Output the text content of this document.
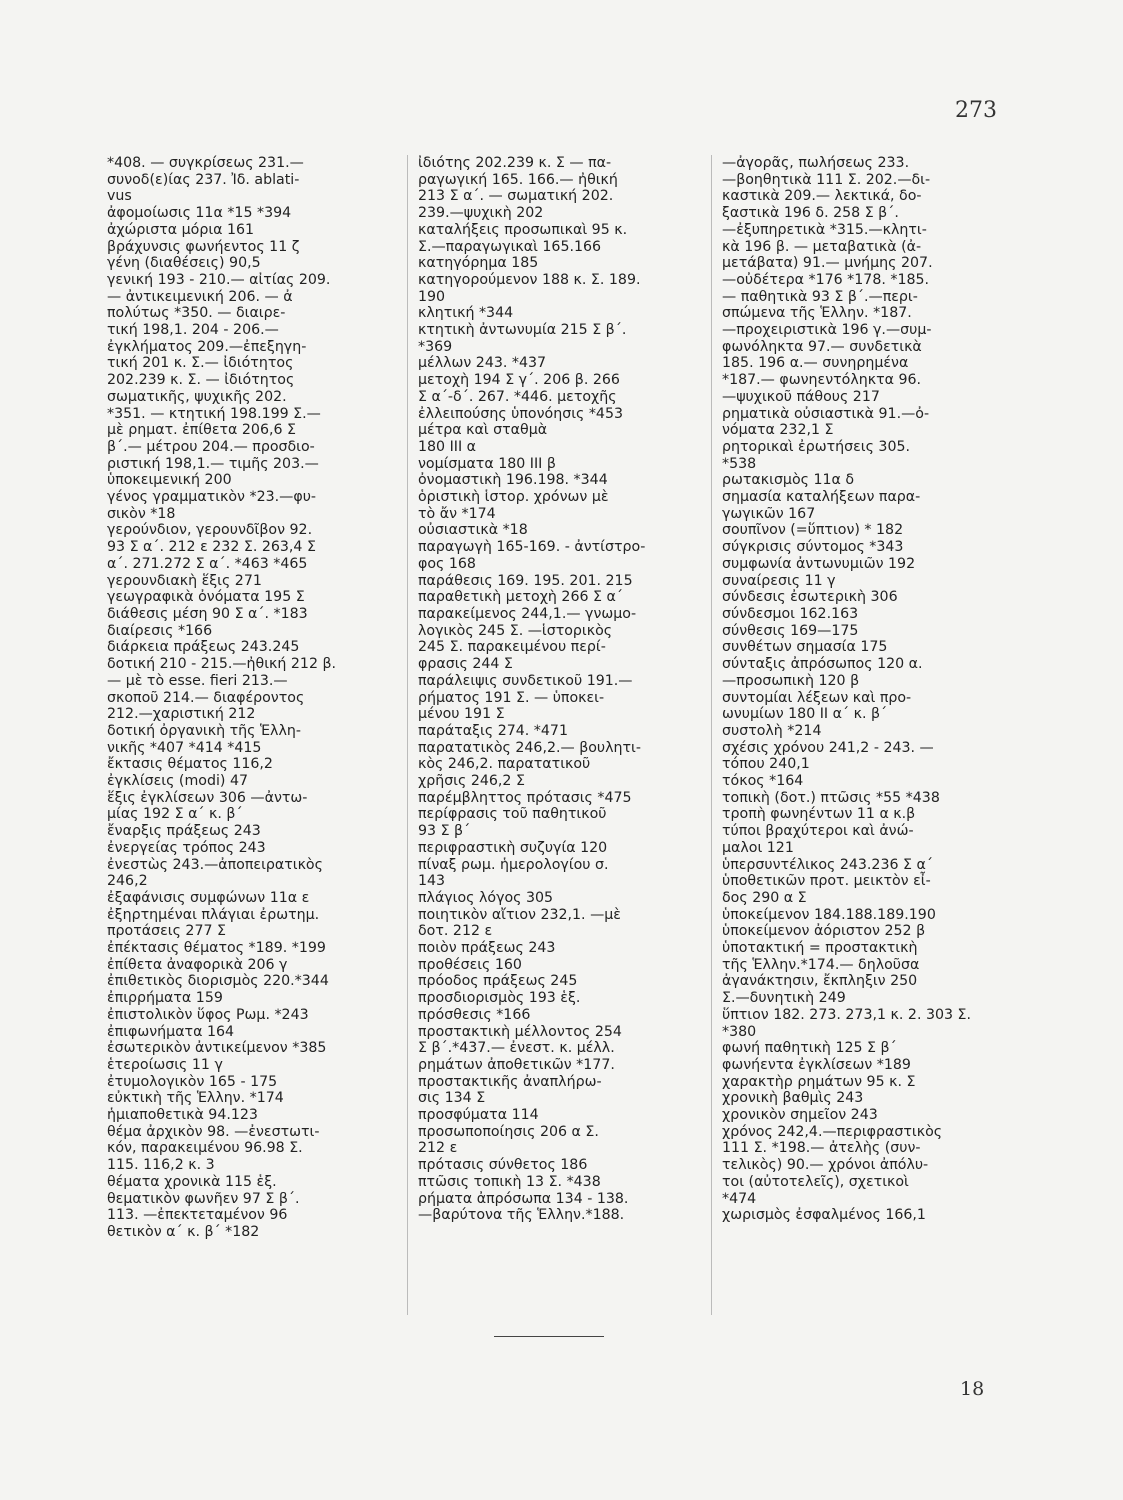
273
*408. — συγκρίσεως 231.—
συνοδ(ε)ίας 237. Ἰδ. ablati-
vus
ἀφομοίωσις 11α *15 *394
ἀχώριστα μόρια 161
βράχυνσις φωνήεντος 11 ζ
γένη (διαθέσεις) 90,5
γενική 193 - 210.— αἰτίας 209.
— ἀντικειμενική 206. — ἀ
πολύτως *350. — διαιρε-
τική 198,1. 204 - 206.—
ἐγκλήματος 209.—ἐπεξηγη-
τική 201 κ. Σ.— ἰδιότητος
202.239 κ. Σ. — ἰδιότητος
σωματικῆς, ψυχικῆς 202.
*351. — κτητική 198.199 Σ.—
μὲ ρηματ. ἐπίθετα 206,6 Σ
β΄.— μέτρου 204.— προσδιο-
ριστική 198,1.— τιμῆς 203.—
ὑποκειμενική 200
γένος γραμματικὸν *23.—φυ-
σικὸν *18
γερούνδιον, γερουνδῖβον 92.
93 Σ α΄. 212 ε 232 Σ. 263,4 Σ
α΄. 271.272 Σ α΄. *463 *465
γερουνδιακὴ ἕξις 271
γεωγραφικὰ ὀνόματα 195 Σ
διάθεσις μέση 90 Σ α΄. *183
διαίρεσις *166
διάρκεια πράξεως 243.245
δοτική 210 - 215.—ἠθική 212 β.
— μὲ τὸ esse. fieri 213.—
σκοποῦ 214.— διαφέροντος
212.—χαριστική 212
δοτική ὀργανικὴ τῆς Ἑλλη-
νικῆς *407 *414 *415
ἔκτασις θέματος 116,2
ἐγκλίσεις (modi) 47
ἕξις ἐγκλίσεων 306 —ἀντω-
μίας 192 Σ α΄ κ. β΄
ἔναρξις πράξεως 243
ἐνεργείας τρόπος 243
ἐνεστὼς 243.—ἀποπειρατικὸς
246,2
ἐξαφάνισις συμφώνων 11α ε
ἐξηρτημέναι πλάγιαι ἐρωτημ.
προτάσεις 277 Σ
ἐπέκτασις θέματος *189. *199
ἐπίθετα ἀναφορικὰ 206 γ
ἐπιθετικὸς διορισμὸς 220.*344
ἐπιρρήματα 159
ἐπιστολικὸν ὕφος Ρωμ. *243
ἐπιφωνήματα 164
ἐσωτερικὸν ἀντικείμενον *385
ἑτεροίωσις 11 γ
ἐτυμολογικὸν 165 - 175
εὐκτικὴ τῆς Ἑλλην. *174
ἡμιαποθετικὰ 94.123
θέμα ἀρχικὸν 98. —ἐνεστωτι-
κόν, παρακειμένου 96.98 Σ.
115. 116,2 κ. 3
θέματα χρονικὰ 115 ἑξ.
θεματικὸν φωνῆεν 97 Σ β΄.
113. —ἐπεκτεταμένον 96
θετικὸν α΄ κ. β΄ *182
ἰδιότης 202.239 κ. Σ — πα-
ραγωγική 165. 166.— ἠθική
213 Σ α΄. — σωματική 202.
239.—ψυχικὴ 202
καταλήξεις προσωπικαὶ 95 κ.
Σ.—παραγωγικαὶ 165.166
κατηγόρημα 185
κατηγορούμενον 188 κ. Σ. 189.
190
κλητική *344
κτητικὴ ἀντωνυμία 215 Σ β΄.
*369
μέλλων 243. *437
μετοχὴ 194 Σ γ΄. 206 β. 266
Σ α΄-δ΄. 267. *446. μετοχῆς
ἐλλειπούσης ὑπονόησις *453
μέτρα καὶ σταθμὰ
180 III α
νομίσματα 180 III β
ὀνομαστικὴ 196.198. *344
ὁριστικὴ ἱστορ. χρόνων μὲ
τὸ ἄν *174
οὐσιαστικὰ *18
παραγωγὴ 165-169. - ἀντίστρο-
φος 168
παράθεσις 169. 195. 201. 215
παραθετικὴ μετοχὴ 266 Σ α΄
παρακείμενος 244,1.— γνωμο-
λογικὸς 245 Σ. —ἱστορικὸς
245 Σ. παρακειμένου περί-
φρασις 244 Σ
παράλειψις συνδετικοῦ 191.—
ρήματος 191 Σ. — ὑποκει-
μένου 191 Σ
παράταξις 274. *471
παρατατικὸς 246,2.— βουλητι-
κὸς 246,2. παρατατικοῦ
χρῆσις 246,2 Σ
παρέμβληττος πρότασις *475
περίφρασις τοῦ παθητικοῦ
93 Σ β΄
περιφραστικὴ συζυγία 120
πίναξ ρωμ. ἡμερολογίου σ.
143
πλάγιος λόγος 305
ποιητικὸν αἴτιον 232,1. —μὲ
δοτ. 212 ε
ποιὸν πράξεως 243
προθέσεις 160
πρόοδος πράξεως 245
προσδιορισμὸς 193 ἑξ.
πρόσθεσις *166
προστακτικὴ μέλλοντος 254
Σ β΄.*437.— ἐνεστ. κ. μέλλ.
ρημάτων ἀποθετικῶν *177.
προστακτικῆς ἀναπλήρω-
σις 134 Σ
προσφύματα 114
προσωποποίησις 206 α Σ.
212 ε
πρότασις σύνθετος 186
πτῶσις τοπικὴ 13 Σ. *438
ρήματα ἀπρόσωπα 134 - 138.
—βαρύτονα τῆς Ἑλλην.*188.
—ἀγορᾶς, πωλήσεως 233.
—βοηθητικὰ 111 Σ. 202.—δι-
καστικὰ 209.— λεκτικά, δο-
ξαστικὰ 196 δ. 258 Σ β΄.
—ἐξυπηρετικὰ *315.—κλητι-
κὰ 196 β. — μεταβατικὰ (ἀ-
μετάβατα) 91.— μνήμης 207.
—οὐδέτερα *176 *178. *185.
— παθητικὰ 93 Σ β΄.—περι-
σπώμενα τῆς Ἑλλην. *187.
—προχειριστικὰ 196 γ.—συμ-
φωνόληκτα 97.— συνδετικὰ
185. 196 α.— συνηρημένα
*187.— φωνηεντόληκτα 96.
—ψυχικοῦ πάθους 217
ρηματικὰ οὐσιαστικὰ 91.—ὀ-
νόματα 232,1 Σ
ρητορικαὶ ἐρωτήσεις 305.
*538
ρωτακισμὸς 11α δ
σημασία καταλήξεων παρα-
γωγικῶν 167
σουπῖνον (=ὕπτιον) * 182
σύγκρισις σύντομος *343
συμφωνία ἀντωνυμιῶν 192
συναίρεσις 11 γ
σύνδεσις ἐσωτερικὴ 306
σύνδεσμοι 162.163
σύνθεσις 169—175
συνθέτων σημασία 175
σύνταξις ἀπρόσωπος 120 α.
—προσωπικὴ 120 β
συντομίαι λέξεων καὶ προ-
ωνυμίων 180 II α΄ κ. β΄
συστολὴ *214
σχέσις χρόνου 241,2 - 243. —
τόπου 240,1
τόκος *164
τοπικὴ (δοτ.) πτῶσις *55 *438
τροπὴ φωνηέντων 11 α κ.β
τύποι βραχύτεροι καὶ ἀνώ-
μαλοι 121
ὑπερσυντέλικος 243.236 Σ α΄
ὑποθετικῶν προτ. μεικτὸν εἶ-
δος 290 α Σ
ὑποκείμενον 184.188.189.190
ὑποκείμενον ἀόριστον 252 β
ὑποτακτική = προστακτικὴ
τῆς Ἑλλην.*174.— δηλοῦσα
ἀγανάκτησιν, ἔκπληξιν 250
Σ.—δυνητικὴ 249
ὕπτιον 182. 273. 273,1 κ. 2. 303 Σ.
*380
φωνή παθητικὴ 125 Σ β΄
φωνήεντα ἐγκλίσεων *189
χαρακτὴρ ρημάτων 95 κ. Σ
χρονικὴ βαθμὶς 243
χρονικὸν σημεῖον 243
χρόνος 242,4.—περιφραστικὸς
111 Σ. *198.— ἀτελὴς (συν-
τελικὸς) 90.— χρόνοι ἀπόλυ-
τοι (αὐτοτελεῖς), σχετικοὶ
*474
χωρισμὸς ἐσφαλμένος 166,1
18
